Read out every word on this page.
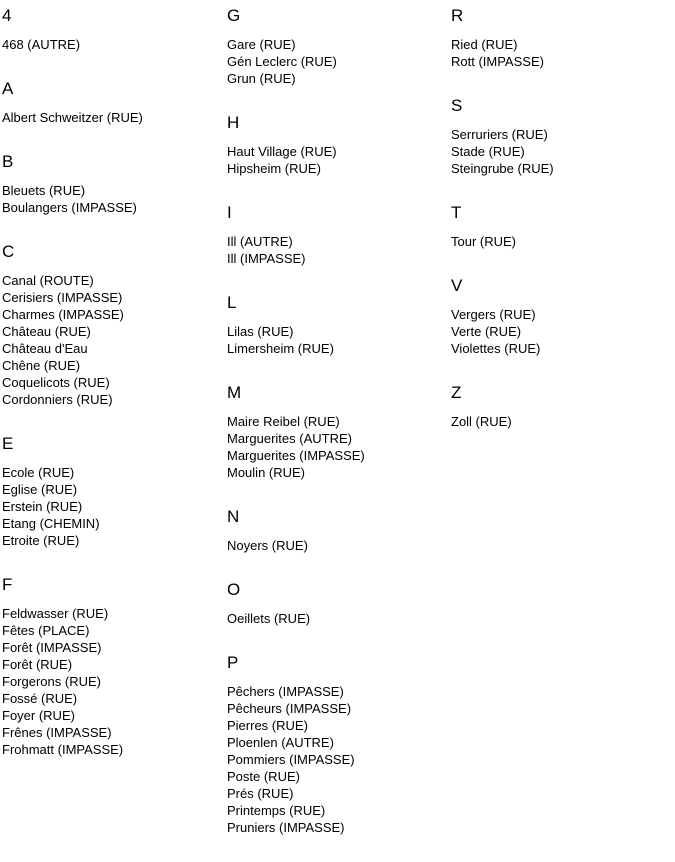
4
468 (AUTRE)
A
Albert Schweitzer (RUE)
B
Bleuets (RUE)
Boulangers (IMPASSE)
C
Canal (ROUTE)
Cerisiers (IMPASSE)
Charmes (IMPASSE)
Château (RUE)
Château d'Eau
Chêne (RUE)
Coquelicots (RUE)
Cordonniers (RUE)
E
Ecole (RUE)
Eglise (RUE)
Erstein (RUE)
Etang (CHEMIN)
Etroite (RUE)
F
Feldwasser (RUE)
Fêtes (PLACE)
Forêt (IMPASSE)
Forêt (RUE)
Forgerons (RUE)
Fossé (RUE)
Foyer (RUE)
Frênes (IMPASSE)
Frohmatt (IMPASSE)
G
Gare (RUE)
Gén Leclerc (RUE)
Grun (RUE)
H
Haut Village (RUE)
Hipsheim (RUE)
I
Ill (AUTRE)
Ill (IMPASSE)
L
Lilas (RUE)
Limersheim (RUE)
M
Maire Reibel (RUE)
Marguerites (AUTRE)
Marguerites (IMPASSE)
Moulin (RUE)
N
Noyers (RUE)
O
Oeillets (RUE)
P
Pêchers (IMPASSE)
Pêcheurs (IMPASSE)
Pierres (RUE)
Ploenlen (AUTRE)
Pommiers (IMPASSE)
Poste (RUE)
Prés (RUE)
Printemps (RUE)
Pruniers (IMPASSE)
R
Ried (RUE)
Rott (IMPASSE)
S
Serruriers (RUE)
Stade (RUE)
Steingrube (RUE)
T
Tour (RUE)
V
Vergers (RUE)
Verte (RUE)
Violettes (RUE)
Z
Zoll (RUE)
